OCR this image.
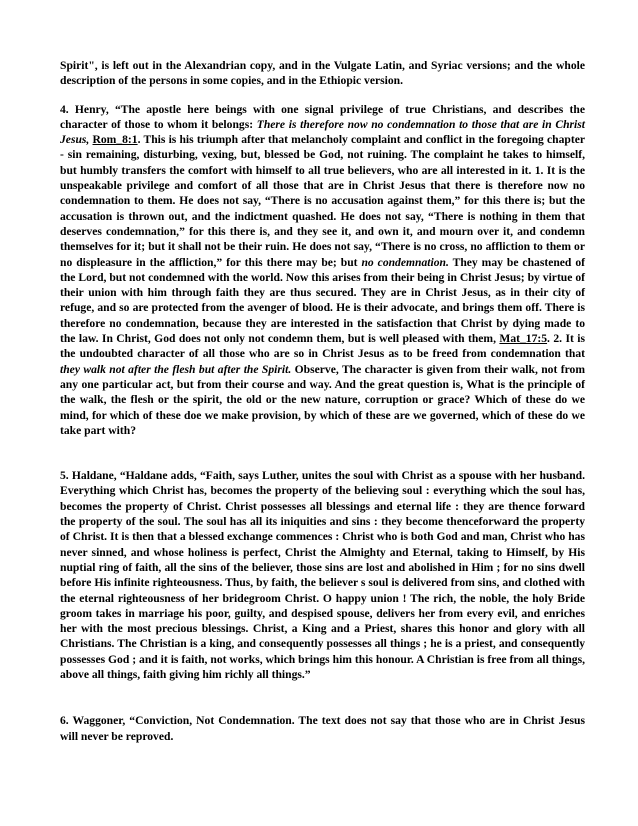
Spirit", is left out in the Alexandrian copy, and in the Vulgate Latin, and Syriac versions; and the whole description of the persons in some copies, and in the Ethiopic version.

4. Henry, “The apostle here beings with one signal privilege of true Christians, and describes the character of those to whom it belongs: There is therefore now no condemnation to those that are in Christ Jesus, Rom_8:1. This is his triumph after that melancholy complaint and conflict in the foregoing chapter - sin remaining, disturbing, vexing, but, blessed be God, not ruining. The complaint he takes to himself, but humbly transfers the comfort with himself to all true believers, who are all interested in it. 1. It is the unspeakable privilege and comfort of all those that are in Christ Jesus that there is therefore now no condemnation to them. He does not say, “There is no accusation against them,” for this there is; but the accusation is thrown out, and the indictment quashed. He does not say, “There is nothing in them that deserves condemnation,” for this there is, and they see it, and own it, and mourn over it, and condemn themselves for it; but it shall not be their ruin. He does not say, “There is no cross, no affliction to them or no displeasure in the affliction,” for this there may be; but no condemnation. They may be chastened of the Lord, but not condemned with the world. Now this arises from their being in Christ Jesus; by virtue of their union with him through faith they are thus secured. They are in Christ Jesus, as in their city of refuge, and so are protected from the avenger of blood. He is their advocate, and brings them off. There is therefore no condemnation, because they are interested in the satisfaction that Christ by dying made to the law. In Christ, God does not only not condemn them, but is well pleased with them, Mat_17:5. 2. It is the undoubted character of all those who are so in Christ Jesus as to be freed from condemnation that they walk not after the flesh but after the Spirit. Observe, The character is given from their walk, not from any one particular act, but from their course and way. And the great question is, What is the principle of the walk, the flesh or the spirit, the old or the new nature, corruption or grace? Which of these do we mind, for which of these doe we make provision, by which of these are we governed, which of these do we take part with?

5. Haldane, “Haldane adds, “Faith, says Luther, unites the soul with Christ as a spouse with her husband. Everything which Christ has, becomes the property of the believing soul : everything which the soul has, becomes the property of Christ. Christ possesses all blessings and eternal life : they are thence forward the property of the soul. The soul has all its iniquities and sins : they become thenceforward the property of Christ. It is then that a blessed exchange commences : Christ who is both God and man, Christ who has never sinned, and whose holiness is perfect, Christ the Almighty and Eternal, taking to Himself, by His nuptial ring of faith, all the sins of the believer, those sins are lost and abolished in Him ; for no sins dwell before His infinite righteousness. Thus, by faith, the believer s soul is delivered from sins, and clothed with the eternal righteousness of her bridegroom Christ. O happy union ! The rich, the noble, the holy Bride groom takes in marriage his poor, guilty, and despised spouse, delivers her from every evil, and enriches her with the most precious blessings. Christ, a King and a Priest, shares this honor and glory with all Christians. The Christian is a king, and consequently possesses all things ; he is a priest, and consequently possesses God ; and it is faith, not works, which brings him this honour. A Christian is free from all things, above all things, faith giving him richly all things.”

6. Waggoner, “Conviction, Not Condemnation. The text does not say that those who are in Christ Jesus will never be reproved.
